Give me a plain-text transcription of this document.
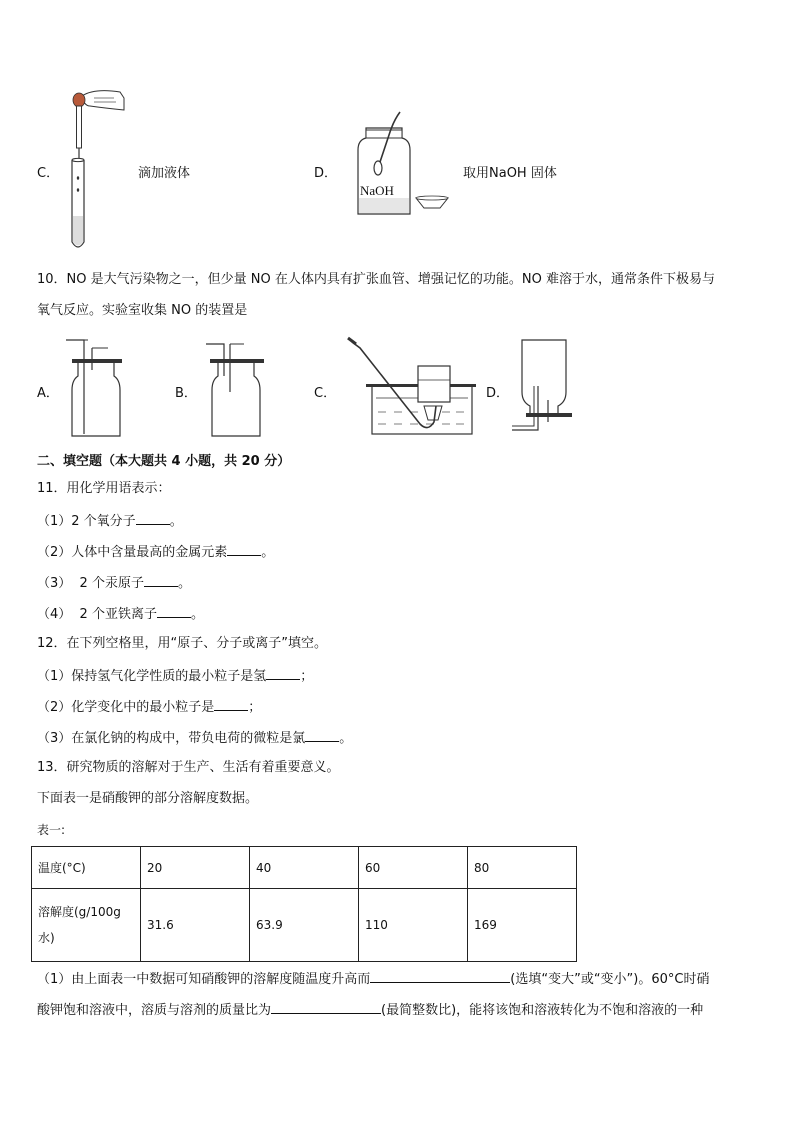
C．	滴加液体	D．
NaOH
取用NaOH 固体
10．NO 是大气污染物之一，但少量 NO 在人体内具有扩张血管、增强记忆的功能。NO 难溶于水，通常条件下极易与
氧气反应。实验室收集 NO 的装置是
A．	B．	C．	D．
二、填空题（本大题共 4 小题，共 20 分）
11．用化学用语表示：
（1）2 个氧分子	。
（2）人体中含量最高的金属元素	。
（3）  2 个汞原子	。
（4）  2 个亚铁离子	。
12．在下列空格里，用“原子、分子或离子”填空。
（1）保持氢气化学性质的最小粒子是氢	；
（2）化学变化中的最小粒子是	；
（3）在氯化钠的构成中，带负电荷的微粒是氯	。
13．研究物质的溶解对于生产、生活有着重要意义。
下面表一是硝酸钾的部分溶解度数据。
表一:
温度(°C)	20	40	60	80
溶解度(g/100g
水)	31.6	63.9	110	169
（1）由上面表一中数据可知硝酸钾的溶解度随温度升高而	(选填“变大”或“变小”)。60°C时硝
酸钾饱和溶液中，溶质与溶剂的质量比为	(最简整数比)，能将该饱和溶液转化为不饱和溶液的一种
